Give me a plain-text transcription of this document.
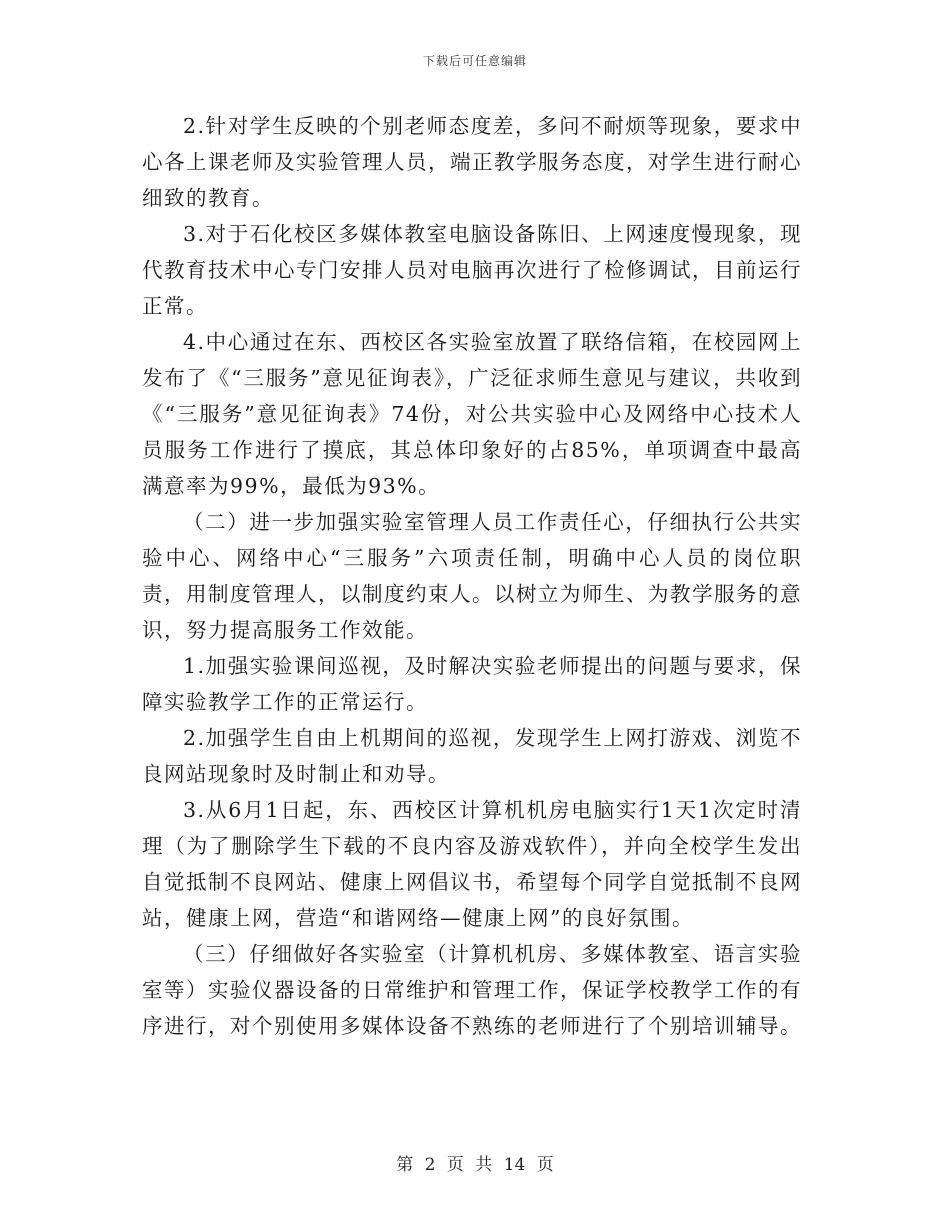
下载后可任意编辑

2.针对学生反映的个别老师态度差，多问不耐烦等现象，要求中心各上课老师及实验管理人员，端正教学服务态度，对学生进行耐心细致的教育。

3.对于石化校区多媒体教室电脑设备陈旧、上网速度慢现象，现代教育技术中心专门安排人员对电脑再次进行了检修调试，目前运行正常。

4.中心通过在东、西校区各实验室放置了联络信箱，在校园网上发布了《“三服务”意见征询表》，广泛征求师生意见与建议，共收到《“三服务”意见征询表》74份，对公共实验中心及网络中心技术人员服务工作进行了摸底，其总体印象好的占85%，单项调查中最高满意率为99%，最低为93%。

（二）进一步加强实验室管理人员工作责任心，仔细执行公共实验中心、网络中心“三服务”六项责任制，明确中心人员的岗位职责，用制度管理人，以制度约束人。以树立为师生、为教学服务的意识，努力提高服务工作效能。

1.加强实验课间巡视，及时解决实验老师提出的问题与要求，保障实验教学工作的正常运行。

2.加强学生自由上机期间的巡视，发现学生上网打游戏、浏览不良网站现象时及时制止和劝导。

3.从6月1日起，东、西校区计算机机房电脑实行1天1次定时清理（为了删除学生下载的不良内容及游戏软件），并向全校学生发出自觉抵制不良网站、健康上网倡议书，希望每个同学自觉抵制不良网站，健康上网，营造“和谐网络—健康上网”的良好氛围。

（三）仔细做好各实验室（计算机机房、多媒体教室、语言实验室等）实验仪器设备的日常维护和管理工作，保证学校教学工作的有序进行，对个别使用多媒体设备不熟练的老师进行了个别培训辅导。

第 2 页 共 14 页
